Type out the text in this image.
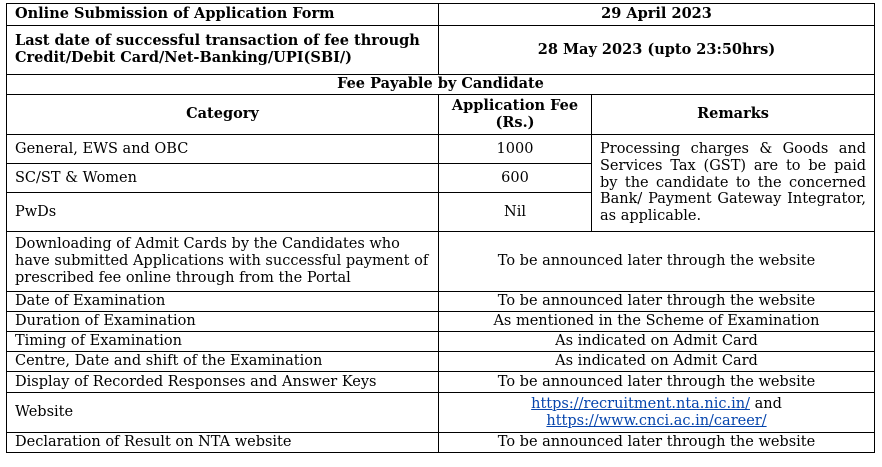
Online Submission of Application Form	29 April 2023	
Last date of successful transaction of fee through Credit/Debit Card/Net-Banking/UPI(SBI/)	28 May 2023 (upto 23:50hrs)	
Fee Payable by Candidate		
Category	Application Fee (Rs.)	Remarks
General, EWS and OBC	1000	Processing charges & Goods and Services Tax (GST) are to be paid by the candidate to the concerned Bank/ Payment Gateway Integrator, as applicable.
SC/ST & Women	600	
PwDs	Nil	
Downloading of Admit Cards by the Candidates who have submitted Applications with successful payment of prescribed fee online through from the Portal	To be announced later through the website	
Date of Examination	To be announced later through the website	
Duration of Examination	As mentioned in the Scheme of Examination	
Timing of Examination	As indicated on Admit Card	
Centre, Date and shift of the Examination	As indicated on Admit Card	
Display of Recorded Responses and Answer Keys	To be announced later through the website	
Website	https://recruitment.nta.nic.in/ and
https://www.cnci.ac.in/career/	
Declaration of Result on NTA website	To be announced later through the website	
